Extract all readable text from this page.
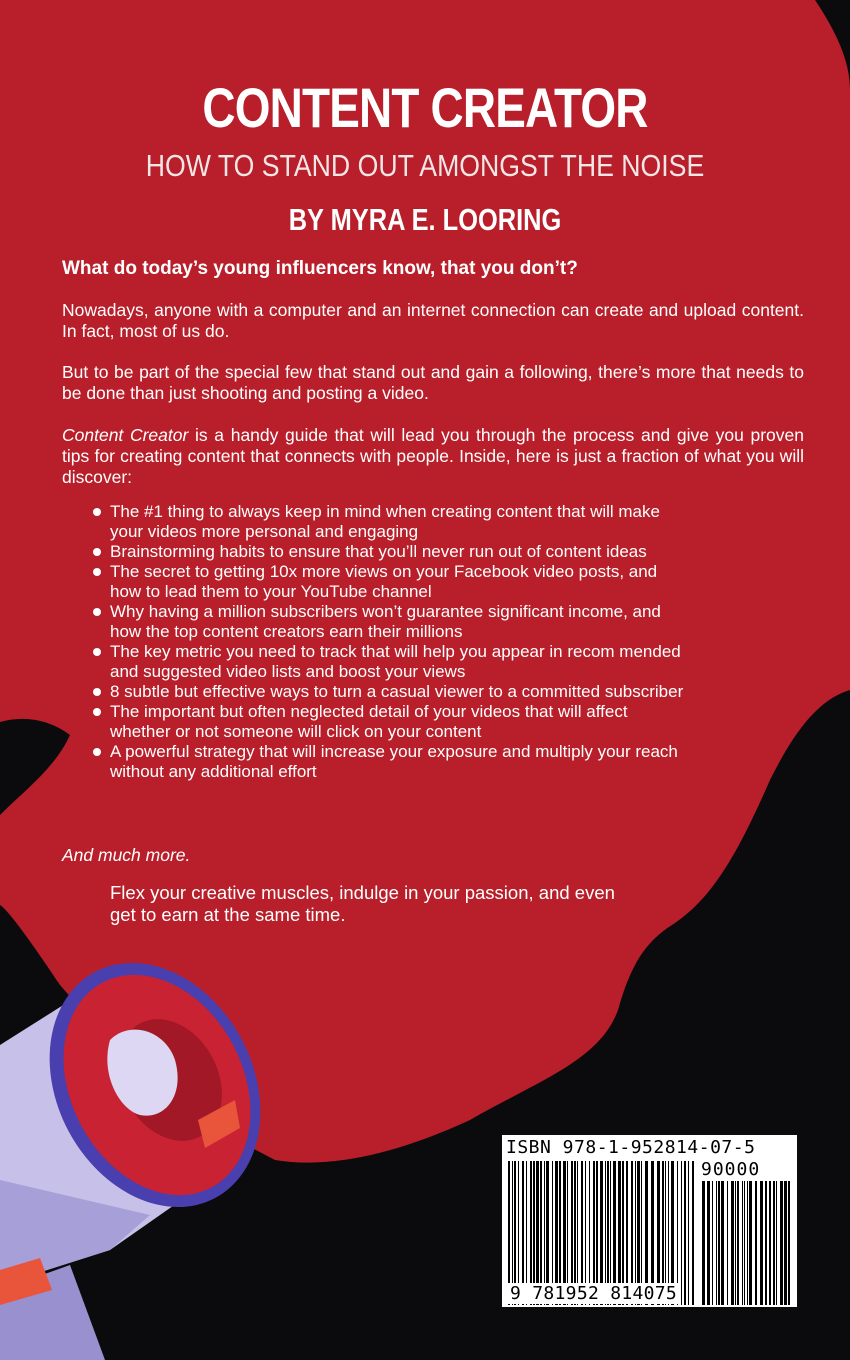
CONTENT CREATOR
HOW TO STAND OUT AMONGST THE NOISE
BY MYRA E. LOORING
What do today’s young influencers know, that you don’t?
Nowadays, anyone with a computer and an internet connection can create and upload content. In fact, most of us do.
But to be part of the special few that stand out and gain a following, there’s more that needs to be done than just shooting and posting a video.
Content Creator is a handy guide that will lead you through the process and give you proven tips for creating content that connects with people. Inside, here is just a fraction of what you will discover:
The #1 thing to always keep in mind when creating content that will make your videos more personal and engaging
Brainstorming habits to ensure that you’ll never run out of content ideas
The secret to getting 10x more views on your Facebook video posts, and how to lead them to your YouTube channel
Why having a million subscribers won’t guarantee significant income, and how the top content creators earn their millions
The key metric you need to track that will help you appear in recom mended and suggested video lists and boost your views
8 subtle but effective ways to turn a casual viewer to a committed subscriber
The important but often neglected detail of your videos that will affect whether or not someone will click on your content
A powerful strategy that will increase your exposure and multiply your reach without any additional effort
And much more.
Flex your creative muscles, indulge in your passion, and even get to earn at the same time.
ISBN 978-1-952814-07-5
90000
9 781952 814075
